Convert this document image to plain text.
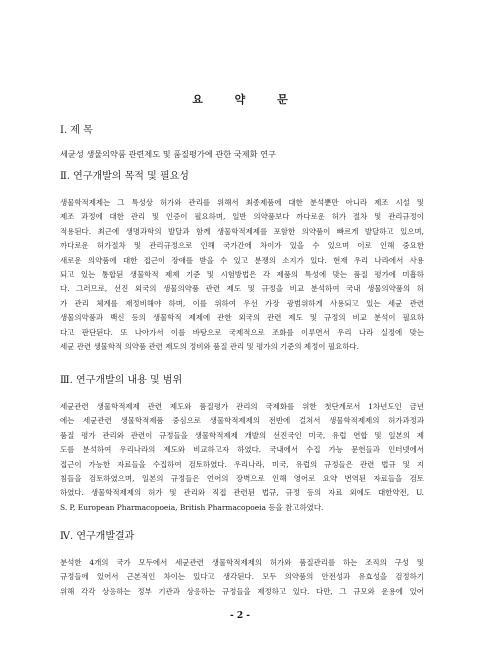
요 약 문
Ⅰ. 제 목
세균성 생물의약품 관련제도 및 품질평가에 관한 국제화 연구
Ⅱ. 연구개발의 목적 및 필요성
생물학적제제는 그 특성상 허가와 관리를 위해서 최종제품에 대한 분석뿐만 아니라 제조 시설 및
제조 과정에 대한 관리 및 인증이 필요하며, 일반 의약품보다 까다로운 허가 절차 및 관리규정이
적용된다. 최근에 생명과학의 발달과 함께 생물학적제제를 포함한 의약품이 빠르게 발달하고 있으며,
까다로운 허가절차 및 관리규정으로 인해 국가간에 차이가 있을 수 있으며 이로 인해 중요한
새로운 의약품에 대한 접근이 장애를 받을 수 있고 분쟁의 소지가 있다. 현재 우리 나라에서 사용
되고 있는 통합된 생물학적 제제 기준 및 시험방법은 각 제품의 특성에 맞는 품질 평가에 미흡하
다. 그러므로, 선진 외국의 생물의약품 관련 제도 및 규정을 비교 분석하여 국내 생물의약품의 허
가 관리 체계를 재정비해야 하며, 이를 위하여 우선 가장 광범위하게 사용되고 있는 세균 관련
생물의약품과 백신 등의 생물학적 제제에 관한 외국의 관련 제도 및 규정의 비교 분석이 필요하
다고 판단된다. 또 나아가서 이를 바탕으로 국제적으로 조화를 이루면서 우리 나라 실정에 맞는
세균 관련 생물학적 의약품 관련 제도의 정비와 품질 관리 및 평가의 기준의 제정이 필요하다.
Ⅲ. 연구개발의 내용 및 범위
세균관련 생물학적제제 관련 제도와 품질평가 관리의 국제화를 위한 첫단계로서 1차년도인 금년
에는 세균관련 생물학적제품 중심으로 생물학적제제의 전반에 걸쳐서 생물학적제제의 허가과정과
품질 평가 관리와 관련이 규정들을 생물학적제제 개발의 선진국인 미국, 유럽 연합 및 일본의 제
도를 분석하여 우리나라의 제도와 비교하고자 하였다. 국내에서 수집 가능 문헌들과 인터넷에서
접근이 가능한 자료들을 수집하여 검토하였다. 우리나라, 미국, 유럽의 규정들은 관련 법규 및 지
침들을 검토하였으며, 일본의 규정들은 언어의 장벽으로 인해 영어로 요약 번역된 자료들을 검토
하였다. 생물학적제제의 허가 및 관리와 직접 관련된 법규, 규정 등의 자료 외에도 대한약전, U.
S. P, European Pharmacopoeia, British Pharmacopoeia 등을 참고하였다.
Ⅳ. 연구개발결과
분석한 4개의 국가 모두에서 세균관련 생물학적제제의 허가와 품질관리를 하는 조직의 구성 및
규정들에 있어서 근본적인 차이는 있다고 생각된다. 모두 의약품의 안전성과 유효성을 검정하기
위해 각각 상응하는 정부 기관과 상응하는 규정들을 제정하고 있다. 다만, 그 규모와 운용에 있어
- 2 -
